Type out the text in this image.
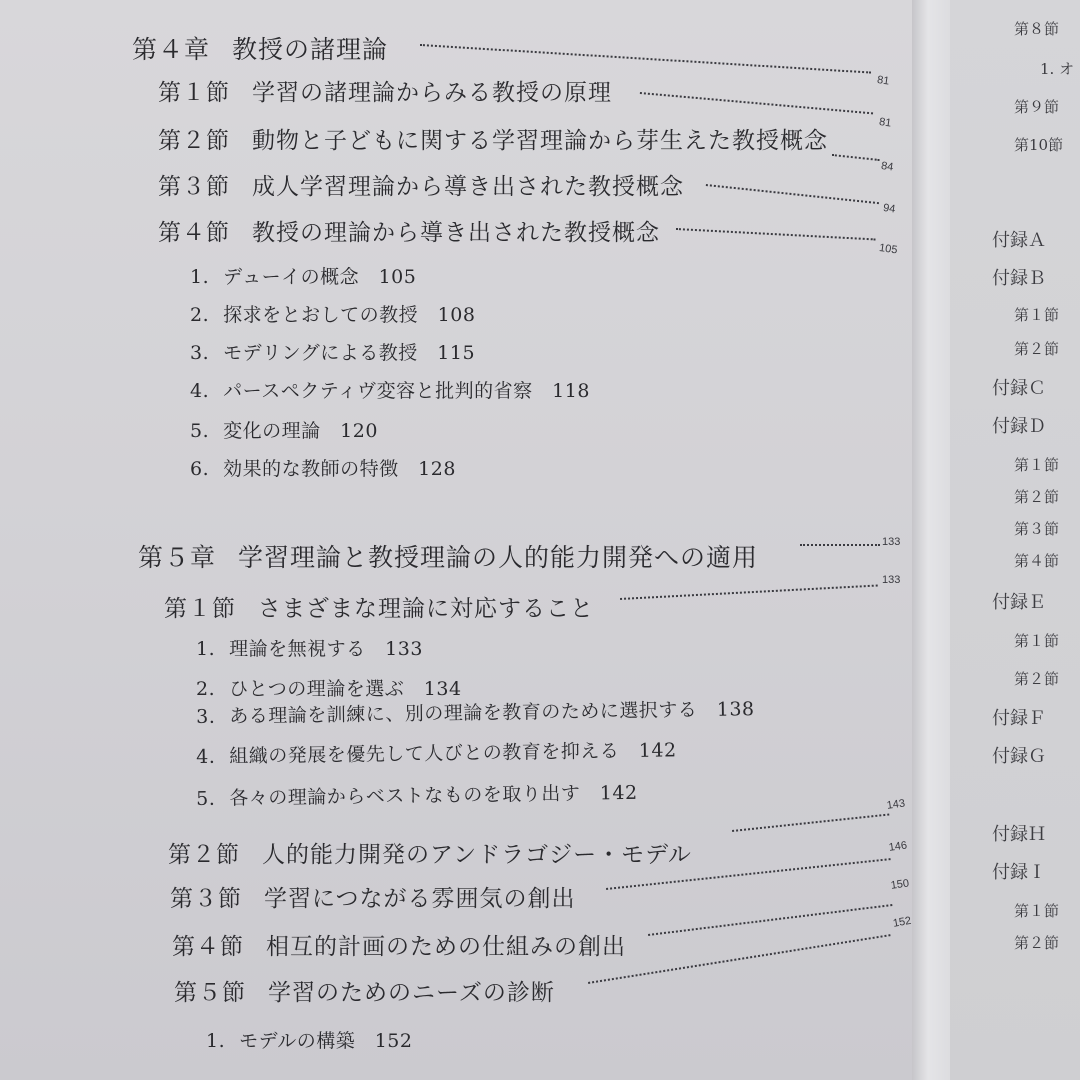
第４章 教授の諸理論
81
第１節 学習の諸理論からみる教授の原理
81
第２節 動物と子どもに関する学習理論から芽生えた教授概念
84
第３節 成人学習理論から導き出された教授概念
94
第４節 教授の理論から導き出された教授概念
105
1. デューイの概念　105
2. 探求をとおしての教授　108
3. モデリングによる教授　115
4. パースペクティヴ変容と批判的省察　118
5. 変化の理論　120
6. 効果的な教師の特徴　128
第５章 学習理論と教授理論の人的能力開発への適用
133
第１節 さまざまな理論に対応すること
133
1. 理論を無視する　133
2. ひとつの理論を選ぶ　134
3. ある理論を訓練に、別の理論を教育のために選択する　138
4. 組織の発展を優先して人びとの教育を抑える　142
5. 各々の理論からベストなものを取り出す　142
第２節 人的能力開発のアンドラゴジー・モデル
143
第３節 学習につながる雰囲気の創出
146
第４節 相互的計画のための仕組みの創出
150
第５節 学習のためのニーズの診断
152
1. モデルの構築　152
第８節
1. オ
第９節
第10節
付録Ａ
付録Ｂ
第１節
第２節
付録Ｃ
付録Ｄ
第１節
第２節
第３節
第４節
付録Ｅ
第１節
第２節
付録Ｆ
付録Ｇ
付録Ｈ
付録Ｉ
第１節
第２節
